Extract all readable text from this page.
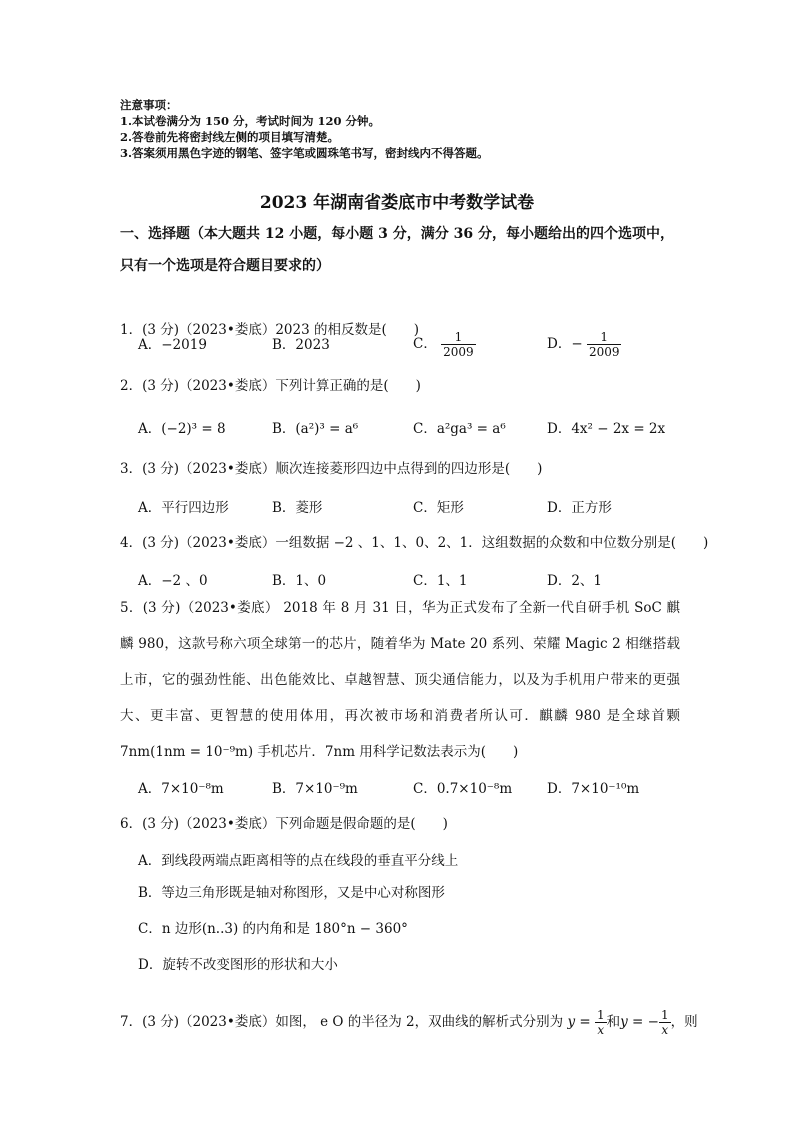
注意事项：
1.本试卷满分为 150 分，考试时间为 120 分钟。
2.答卷前先将密封线左侧的项目填写清楚。
3.答案须用黑色字迹的钢笔、签字笔或圆珠笔书写，密封线内不得答题。
2023 年湖南省娄底市中考数学试卷
一、选择题（本大题共 12 小题，每小题 3 分，满分 36 分，每小题给出的四个选项中，只有一个选项是符合题目要求的）
1．(3 分)（2023•娄底）2023 的相反数是(　　)
A．−2019	B．2023	C． $\frac{1}{2009}$	D．− $\frac{1}{2009}$
2．(3 分)（2023•娄底）下列计算正确的是(　　)
A．(−2)³ = 8	B．(a²)³ = a⁶	C．a²ga³ = a⁶	D．4x² − 2x = 2x
3．(3 分)（2023•娄底）顺次连接菱形四边中点得到的四边形是(　　)
A．平行四边形	B．菱形	C．矩形	D．正方形
4．(3 分)（2023•娄底）一组数据 −2 、1、1、0、2、1．这组数据的众数和中位数分别是(　　)
A．−2 、0	B．1、0	C．1、1	D．2、1
5．(3 分)（2023•娄底） 2018 年 8 月 31 日，华为正式发布了全新一代自研手机 SoC 麒麟 980，这款号称六项全球第一的芯片，随着华为 Mate 20 系列、荣耀 Magic 2 相继搭载上市，它的强劲性能、出色能效比、卓越智慧、顶尖通信能力，以及为手机用户带来的更强大、更丰富、更智慧的使用体用，再次被市场和消费者所认可．麒麟 980 是全球首颗 7nm(1nm = 10⁻⁹m) 手机芯片．7nm 用科学记数法表示为(　　)
A．7×10⁻⁸m	B．7×10⁻⁹m	C．0.7×10⁻⁸m	D．7×10⁻¹⁰m
6．(3 分)（2023•娄底）下列命题是假命题的是(　　)
A．到线段两端点距离相等的点在线段的垂直平分线上
B．等边三角形既是轴对称图形，又是中心对称图形
C．n 边形(n..3) 的内角和是 180°n − 360°
D．旋转不改变图形的形状和大小
7．(3 分)（2023•娄底）如图， e O 的半径为 2，双曲线的解析式分别为 $y = \frac{1}{x}$ 和y = − $\frac{1}{x}$ ，则
